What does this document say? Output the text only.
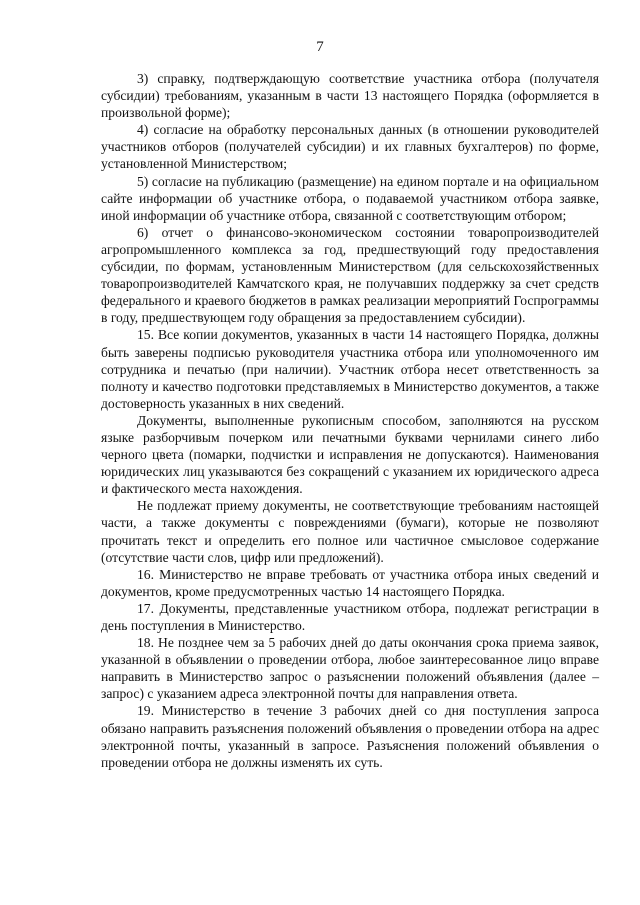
7

3) справку, подтверждающую соответствие участника отбора (получателя субсидии) требованиям, указанным в части 13 настоящего Порядка (оформляется в произвольной форме);

4) согласие на обработку персональных данных (в отношении руководителей участников отборов (получателей субсидии) и их главных бухгалтеров) по форме, установленной Министерством;

5) согласие на публикацию (размещение) на едином портале и на официальном сайте информации об участнике отбора, о подаваемой участником отбора заявке, иной информации об участнике отбора, связанной с соответствующим отбором;

6) отчет о финансово-экономическом состоянии товаропроизводителей агропромышленного комплекса за год, предшествующий году предоставления субсидии, по формам, установленным Министерством (для сельскохозяйственных товаропроизводителей Камчатского края, не получавших поддержку за счет средств федерального и краевого бюджетов в рамках реализации мероприятий Госпрограммы в году, предшествующем году обращения за предоставлением субсидии).

15. Все копии документов, указанных в части 14 настоящего Порядка, должны быть заверены подписью руководителя участника отбора или уполномоченного им сотрудника и печатью (при наличии). Участник отбора несет ответственность за полноту и качество подготовки представляемых в Министерство документов, а также достоверность указанных в них сведений.

Документы, выполненные рукописным способом, заполняются на русском языке разборчивым почерком или печатными буквами чернилами синего либо черного цвета (помарки, подчистки и исправления не допускаются). Наименования юридических лиц указываются без сокращений с указанием их юридического адреса и фактического места нахождения.

Не подлежат приему документы, не соответствующие требованиям настоящей части, а также документы с повреждениями (бумаги), которые не позволяют прочитать текст и определить его полное или частичное смысловое содержание (отсутствие части слов, цифр или предложений).

16. Министерство не вправе требовать от участника отбора иных сведений и документов, кроме предусмотренных частью 14 настоящего Порядка.

17. Документы, представленные участником отбора, подлежат регистрации в день поступления в Министерство.

18. Не позднее чем за 5 рабочих дней до даты окончания срока приема заявок, указанной в объявлении о проведении отбора, любое заинтересованное лицо вправе направить в Министерство запрос о разъяснении положений объявления (далее – запрос) с указанием адреса электронной почты для направления ответа.

19. Министерство в течение 3 рабочих дней со дня поступления запроса обязано направить разъяснения положений объявления о проведении отбора на адрес электронной почты, указанный в запросе. Разъяснения положений объявления о проведении отбора не должны изменять их суть.
